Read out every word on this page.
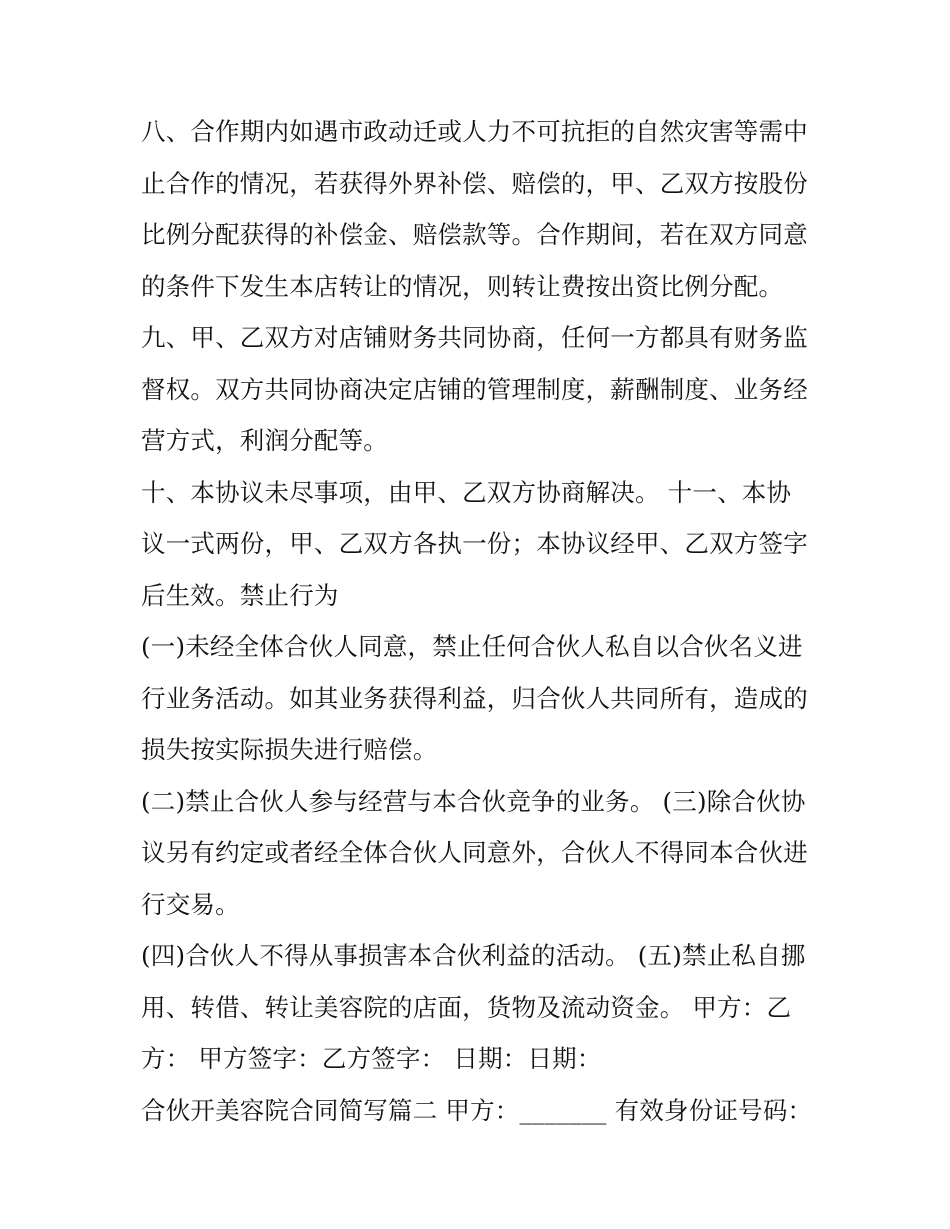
八、合作期内如遇市政动迁或人力不可抗拒的自然灾害等需中
止合作的情况，若获得外界补偿、赔偿的，甲、乙双方按股份
比例分配获得的补偿金、赔偿款等。合作期间，若在双方同意
的条件下发生本店转让的情况，则转让费按出资比例分配。
九、甲、乙双方对店铺财务共同协商，任何一方都具有财务监
督权。双方共同协商决定店铺的管理制度，薪酬制度、业务经
营方式，利润分配等。
十、本协议未尽事项，由甲、乙双方协商解决。 十一、本协
议一式两份，甲、乙双方各执一份；本协议经甲、乙双方签字
后生效。禁止行为
(一)未经全体合伙人同意，禁止任何合伙人私自以合伙名义进
行业务活动。如其业务获得利益，归合伙人共同所有，造成的
损失按实际损失进行赔偿。
(二)禁止合伙人参与经营与本合伙竞争的业务。 (三)除合伙协
议另有约定或者经全体合伙人同意外，合伙人不得同本合伙进
行交易。
(四)合伙人不得从事损害本合伙利益的活动。 (五)禁止私自挪
用、转借、转让美容院的店面，货物及流动资金。 甲方：乙
方： 甲方签字：乙方签字： 日期：日期：
合伙开美容院合同简写篇二 甲方：_______ 有效身份证号码：
